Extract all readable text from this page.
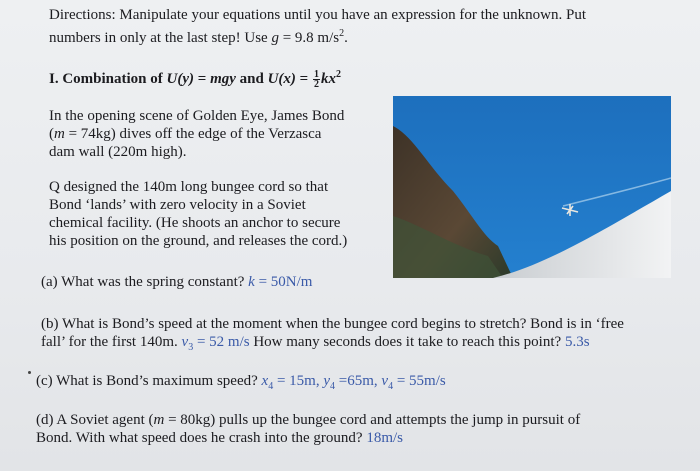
Directions: Manipulate your equations until you have an expression for the unknown. Put
numbers in only at the last step! Use g = 9.8 $m/s^2$.
I. Combination of U(y) = mgy and $U(x) = \frac{1}{2} kx^2$
In the opening scene of Golden Eye, James Bond
(m = 74kg) dives off the edge of the Verzasca
dam wall (220m high).
Q designed the 140m long bungee cord so that
Bond ‘lands’ with zero velocity in a Soviet
chemical facility. (He shoots an anchor to secure
his position on the ground, and releases the cord.)
(a) What was the spring constant? k = 50N/m
(b) What is Bond’s speed at the moment when the bungee cord begins to stretch? Bond is in ‘free
fall’ for the first 140m. $v_3 = 52$ m/s How many seconds does it take to reach this point? 5.3s
(c) What is Bond’s maximum speed? $x_4 = 15m$, $y_4 =65m$, $v_4 = 55m/s$
(d) A Soviet agent (m = 80kg) pulls up the bungee cord and attempts the jump in pursuit of
Bond. With what speed does he crash into the ground? 18m/s
